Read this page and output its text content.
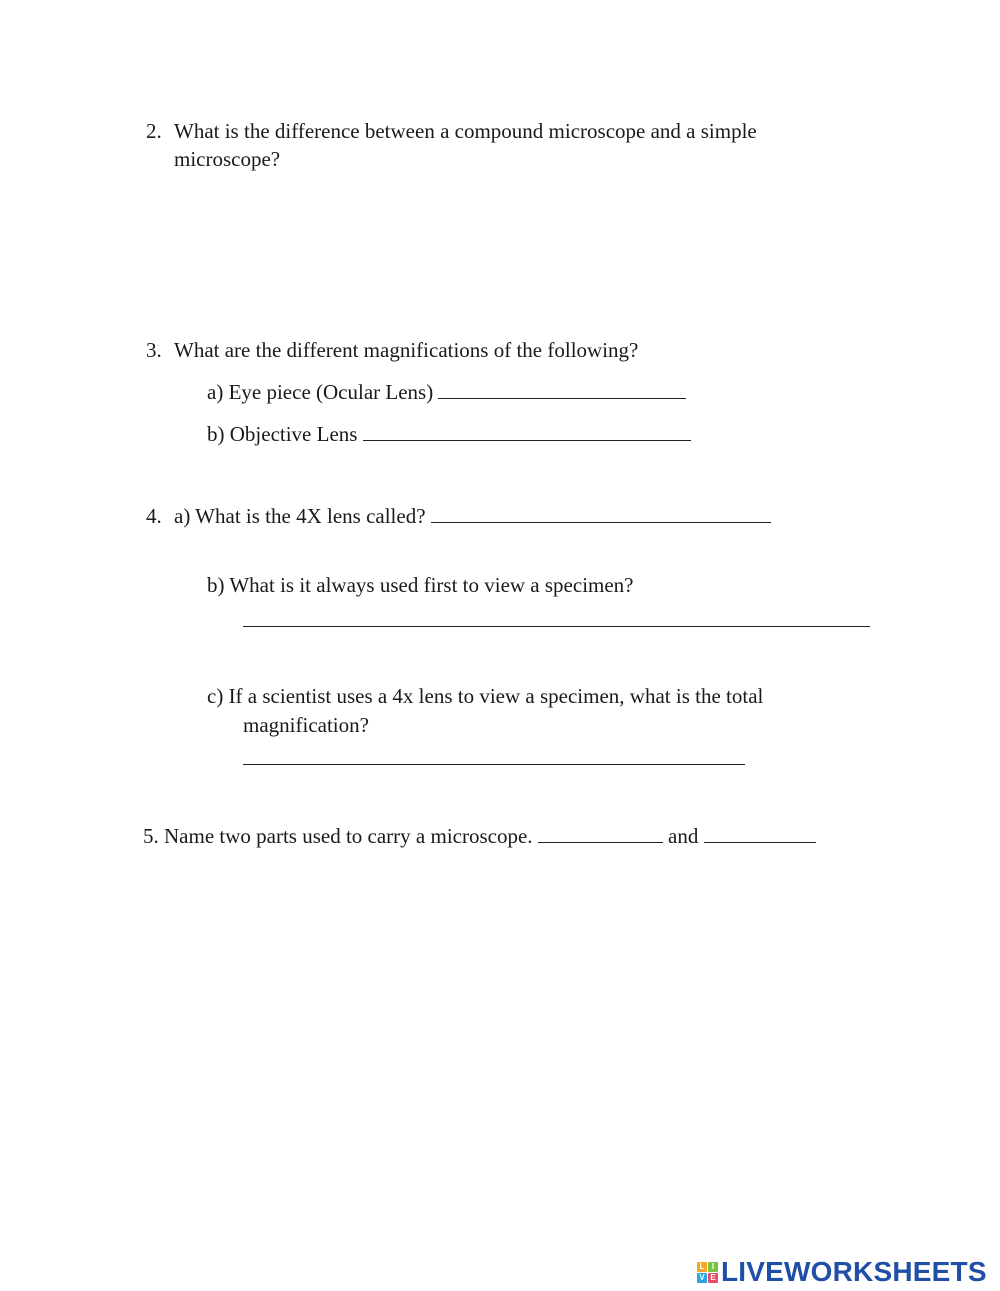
2. What is the difference between a compound microscope and a simple
microscope?
3. What are the different magnifications of the following?
a) Eye piece (Ocular Lens)
b) Objective Lens
4. a) What is the 4X lens called?
b) What is it always used first to view a specimen?
c) If a scientist uses a 4x lens to view a specimen, what is the total
magnification?
5. Name two parts used to carry a microscope.	and
L I
V E LIVEWORKSHEETS
